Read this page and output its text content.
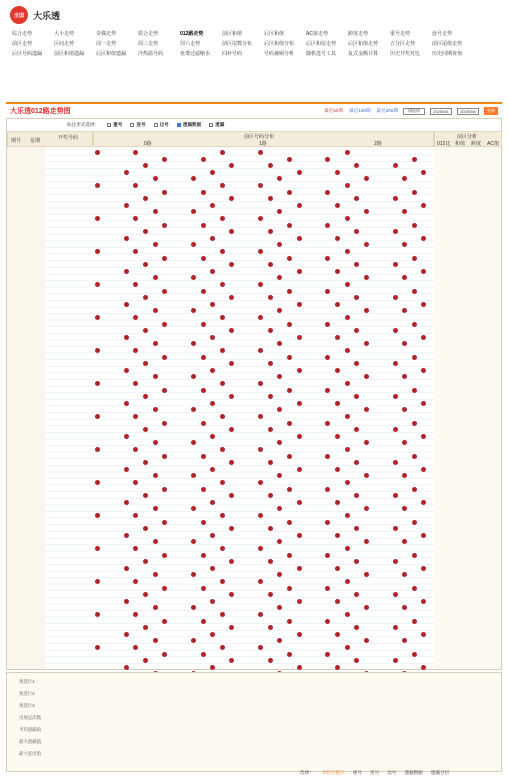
全国	大乐透
综合走势	大小走势	奇偶走势	质合走势	012路走势	前区和值	后区和值	AC值走势	跨度走势	重号走势	连号走势
前区走势	区间走势	周一走势	周三走势	周六走势	前区尾数分布	后区和值分布	后区和尾走势	后区和值走势	五分区走势	前区尾值走势
后区号码遗漏	前区和值遗漏	后区和值遗漏	冷热温号码	免费过滤缩水	回补号码	号码兼顾分析	随机选号工具	复式金额计算	历史开奖对比	历史同期查询
大乐透012路走势图	最近50期 最近100期 最近200期	请选择	2020041	2020094	查询
标注形式选择：	重号	连号	边号	遗漏数据	遗漏
期号 星期	开奖号码	前区号码分布
0路	1路	2路
前区分析
012比 和值 跨度 AC值
预选行1
预选行2
预选行3
出现总次数
平均遗漏值
最大遗漏值
最大连出值
选择： 双色行提示 重号 连号 边号 遗漏数据 遗漏分层
